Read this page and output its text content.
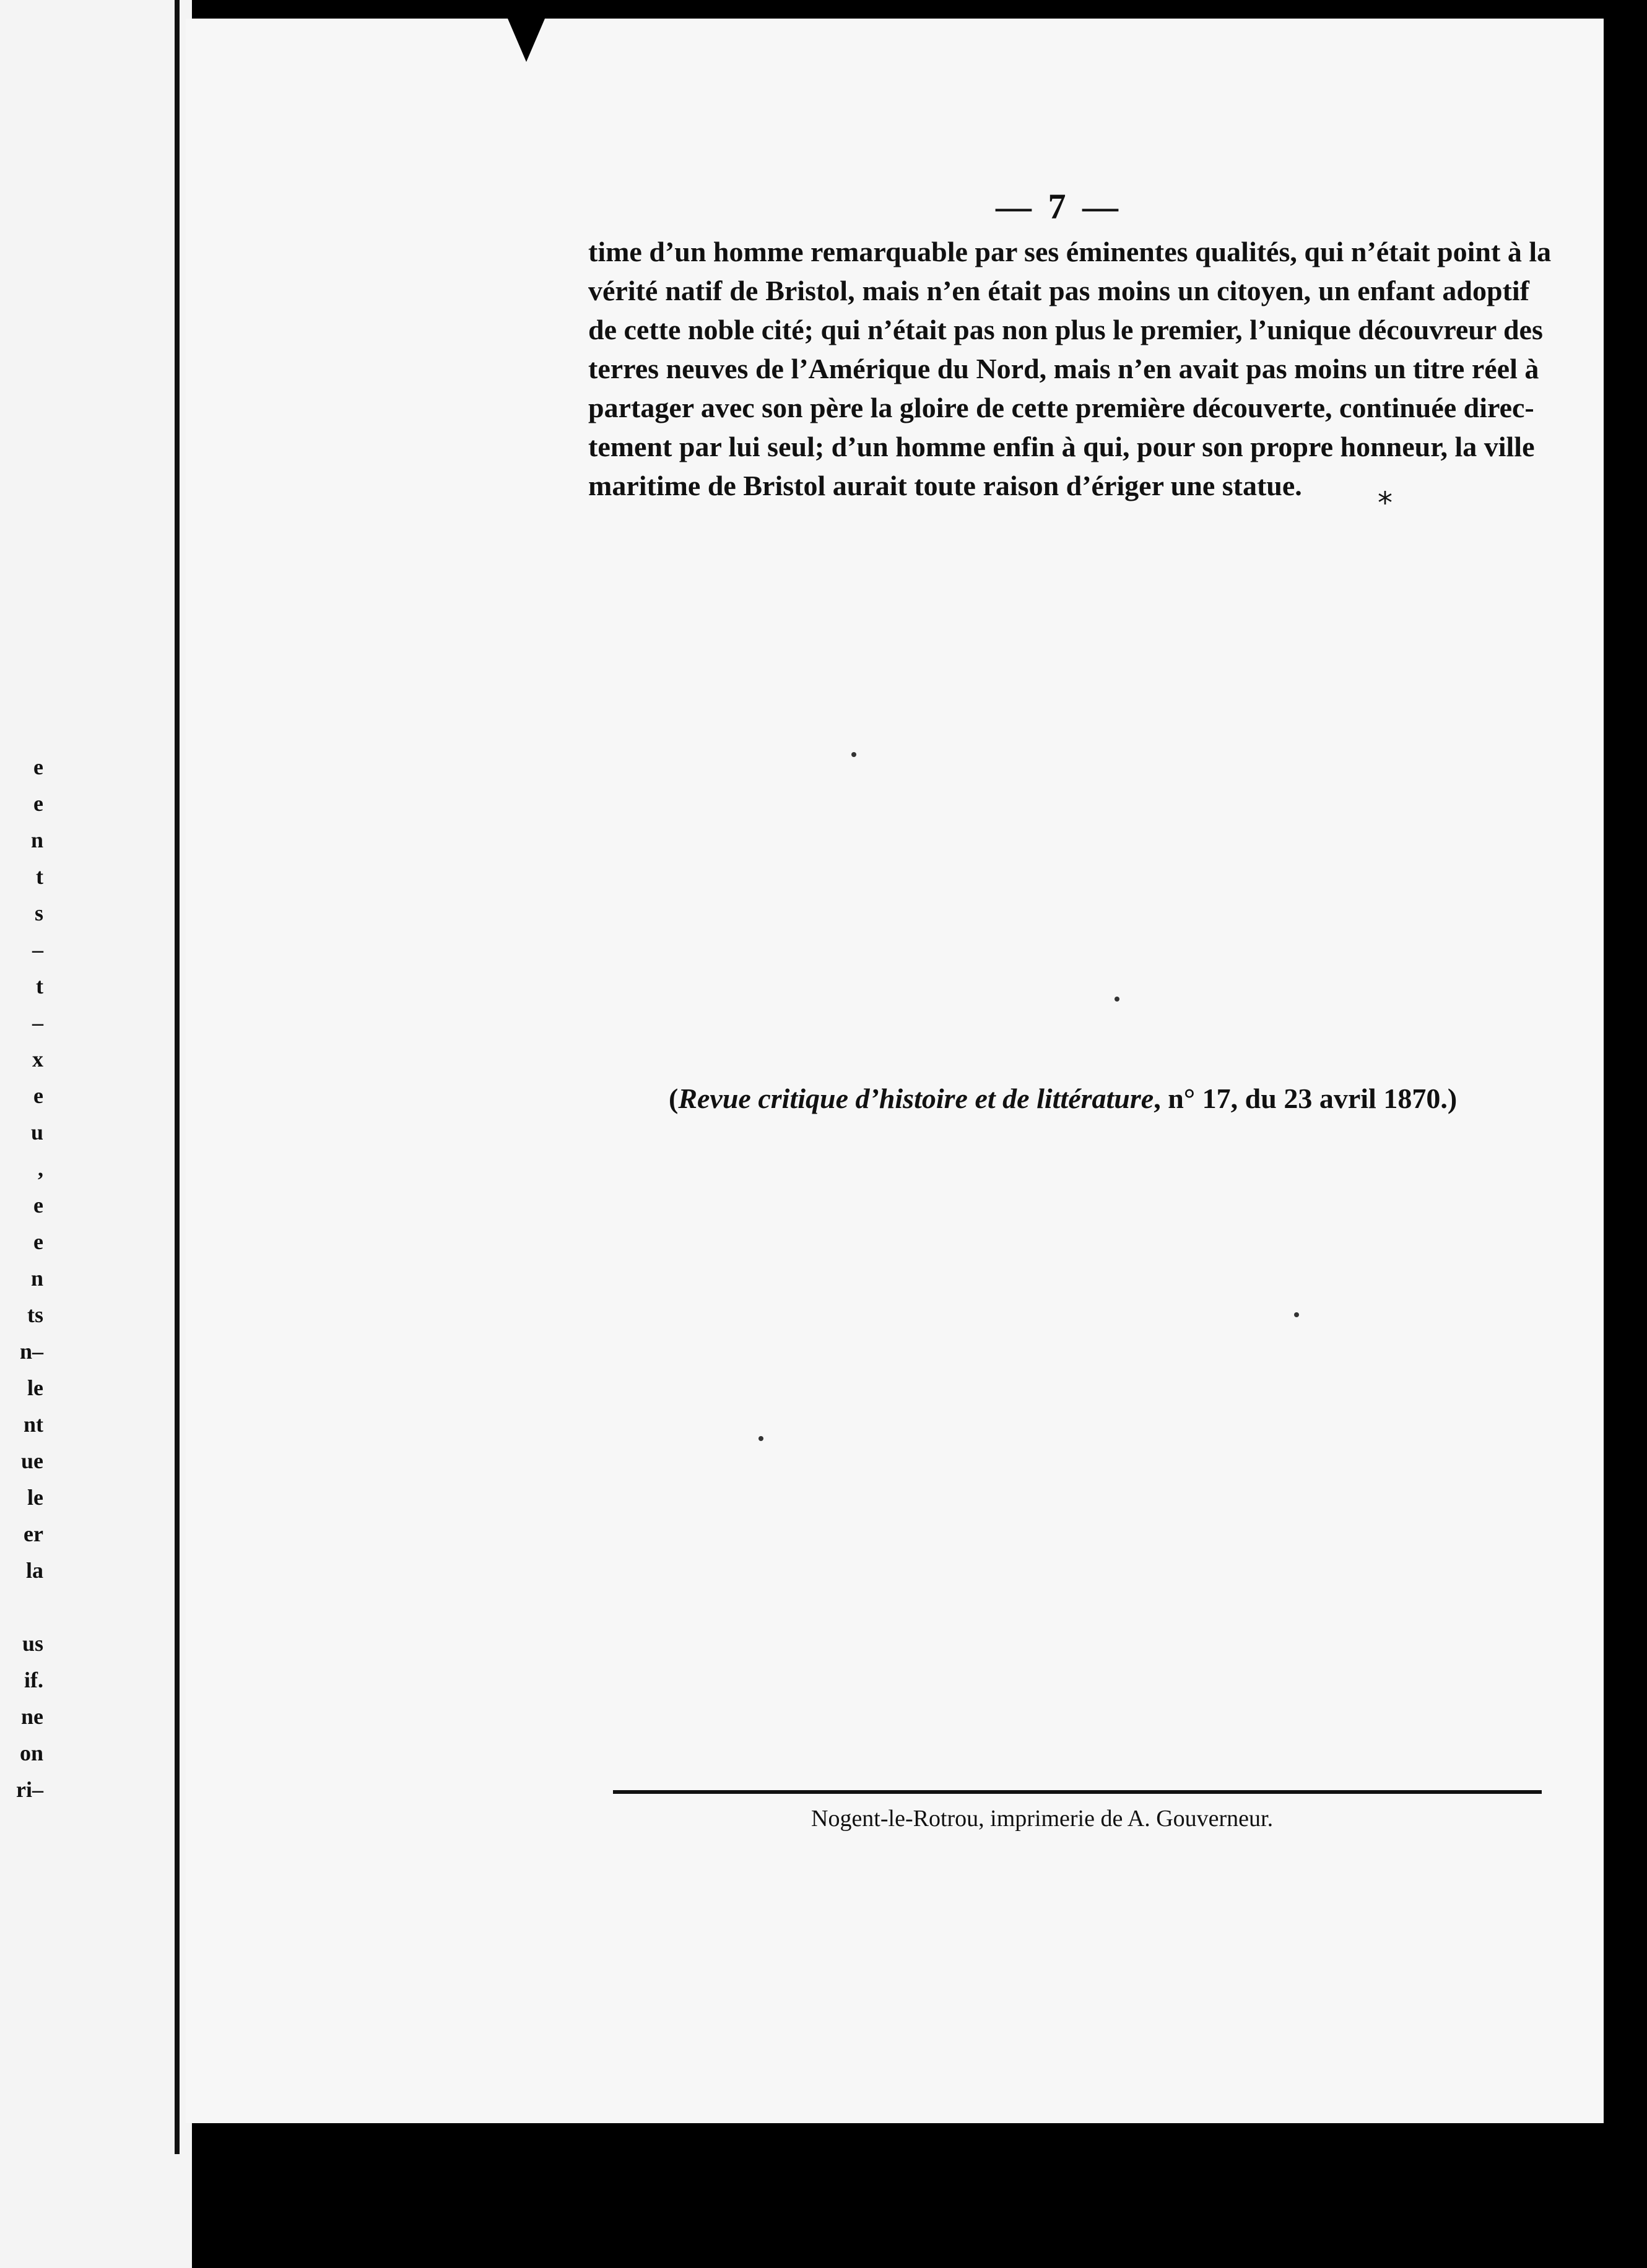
e
e
n
t
s
–
t
–
x
e
u
,
e
e
n
ts
n–
le
nt
ue
le
er
la
us
if.
ne
on
ri–
— 7 —
time d’un homme remarquable par ses éminentes qualités, qui n’était point à la
vérité natif de Bristol, mais n’en était pas moins un citoyen, un enfant adoptif
de cette noble cité; qui n’était pas non plus le premier, l’unique découvreur des
terres neuves de l’Amérique du Nord, mais n’en avait pas moins un titre réel à
partager avec son père la gloire de cette première découverte, continuée direc-
tement par lui seul; d’un homme enfin à qui, pour son propre honneur, la ville
maritime de Bristol aurait toute raison d’ériger une statue.
*
(Revue critique d’histoire et de littérature, n° 17, du 23 avril 1870.)
Nogent-le-Rotrou, imprimerie de A. Gouverneur.
